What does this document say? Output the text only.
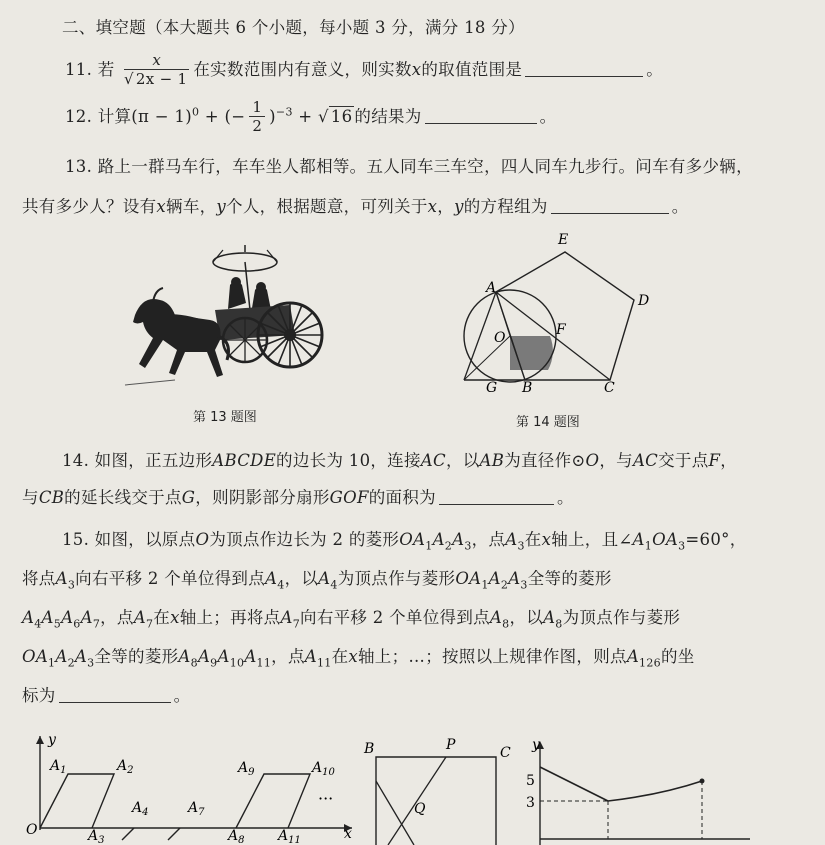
二、填空题（本大题共 6 个小题，每小题 3 分，满分 18 分）
11. 若 $\frac{x}{√ 2x - 1}$ 在实数范围内有意义，则实数x的取值范围是	。
12. 计算$(\pi - 1)^0$ + (− $\frac{1}{2} )^{-3}$ + √ 16 的结果为	。
13. 路上一群马车行，车车坐人都相等。五人同车三车空，四人同车九步行。问车有多少辆，
共有多少人？设有x辆车，y个人，根据题意，可列关于x，y的方程组为	。
第 13 题图
E
D
A
F
O
G B	C
第 14 题图
14. 如图，正五边形ABCDE的边长为 10，连接AC，以AB为直径作⊙O，与AC交于点F，
与CB的延长线交于点G，则阴影部分扇形GOF的面积为	。
15. 如图，以原点O为顶点作边长为 2 的菱形$OA_1A_2A_3$，点$A_3$在x轴上，且$\angle A_1OA_3=60^\circ$，
将点$A_3$向右平移 2 个单位得到点$A_4$，以$A_4$为顶点作与菱形$OA_1A_2A_3$全等的菱形
$A_4A_5A_6A_7$，点$A_7$在x轴上；再将点$A_7$向右平移 2 个单位得到点$A_8$，以$A_8$为顶点作与菱形
$OA_1A_2A_3$全等的菱形$A_8A_9A_{10}A_{11}$，点$A_{11}$在x轴上；…；按照以上规律作图，则点$A_{126}$的坐
标为	。
y
O	x
$A_1$	$A_2$
$A_3$
$A_4$	$A_7$
$A_8$
$A_9$	$A_{10}$
$A_{11}$
···
B	P	C
Q
y
5
3
